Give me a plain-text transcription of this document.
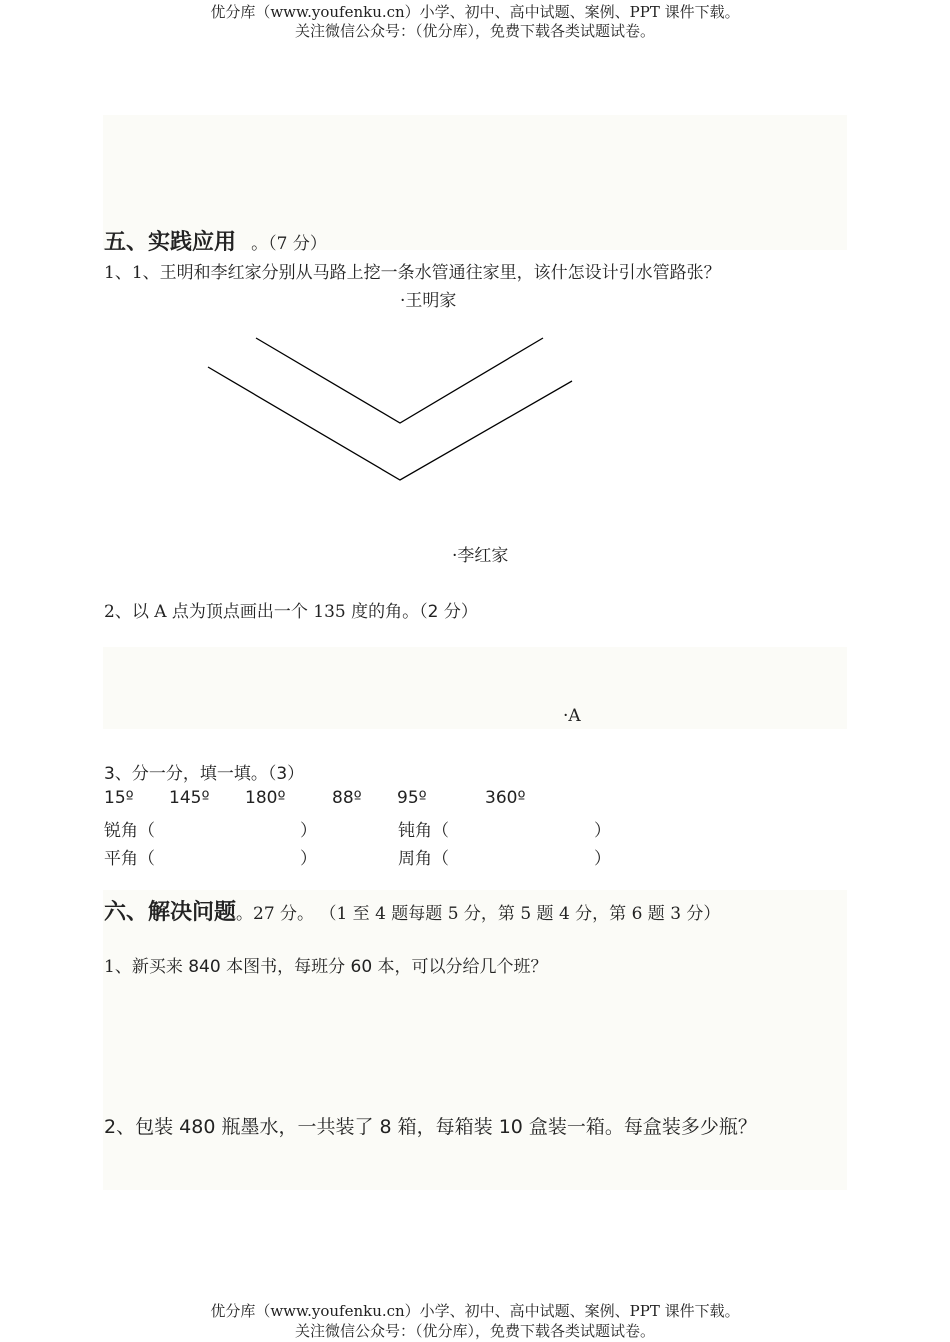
优分库（www.youfenku.cn）小学、初中、高中试题、案例、PPT 课件下载。
关注微信公众号：（优分库），免费下载各类试题试卷。
五、实践应用 。（7 分）
1、1、王明和李红家分别从马路上挖一条水管通往家里，该什怎设计引水管路张？
·王明家
·李红家
2、以 A 点为顶点画出一个 135 度的角。（2 分）
·A
3、分一分，填一填。（3）
15º 145º 180º	88º 95º	360º
锐角（	）	钝角（	）
平角（	）	周角（	）
六、解决问题。27 分。 （1 至 4 题每题 5 分，第 5 题 4 分，第 6 题 3 分）
1、新买来 840 本图书，每班分 60 本，可以分给几个班？
2、包装 480 瓶墨水，一共装了 8 箱，每箱装 10 盒装一箱。每盒装多少瓶？
优分库（www.youfenku.cn）小学、初中、高中试题、案例、PPT 课件下载。
关注微信公众号：（优分库），免费下载各类试题试卷。
